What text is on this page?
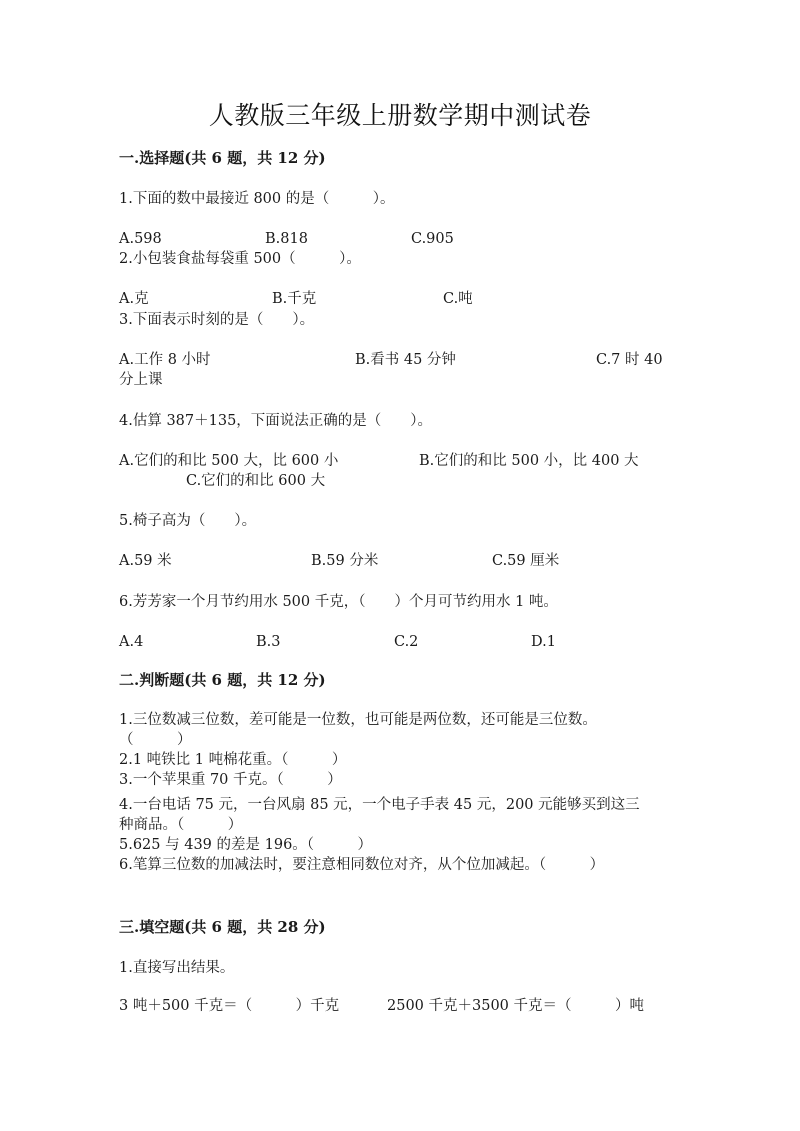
人教版三年级上册数学期中测试卷
一.选择题(共 6 题，共 12 分)
1.下面的数中最接近 800 的是（　　　）。
A.598	B.818	C.905
2.小包装食盐每袋重 500（　　　）。
A.克	B.千克	C.吨
3.下面表示时刻的是（　　）。
A.工作 8 小时	B.看书 45 分钟	C.7 时 40
分上课
4.估算 387＋135，下面说法正确的是（　　）。
A.它们的和比 500 大，比 600 小	B.它们的和比 500 小，比 400 大
C.它们的和比 600 大
5.椅子高为（　　）。
A.59 米	B.59 分米	C.59 厘米
6.芳芳家一个月节约用水 500 千克，（　　）个月可节约用水 1 吨。
A.4	B.3	C.2	D.1
二.判断题(共 6 题，共 12 分)
1.三位数减三位数，差可能是一位数，也可能是两位数，还可能是三位数。
（　　　）
2.1 吨铁比 1 吨棉花重。（　　　）
3.一个苹果重 70 千克。（　　　）
4.一台电话 75 元，一台风扇 85 元，一个电子手表 45 元，200 元能够买到这三
种商品。（　　　）
5.625 与 439 的差是 196。（　　　）
6.笔算三位数的加减法时，要注意相同数位对齐，从个位加减起。（　　　）
三.填空题(共 6 题，共 28 分)
1.直接写出结果。
3 吨＋500 千克＝（　　　）千克	2500 千克＋3500 千克＝（　　　）吨
